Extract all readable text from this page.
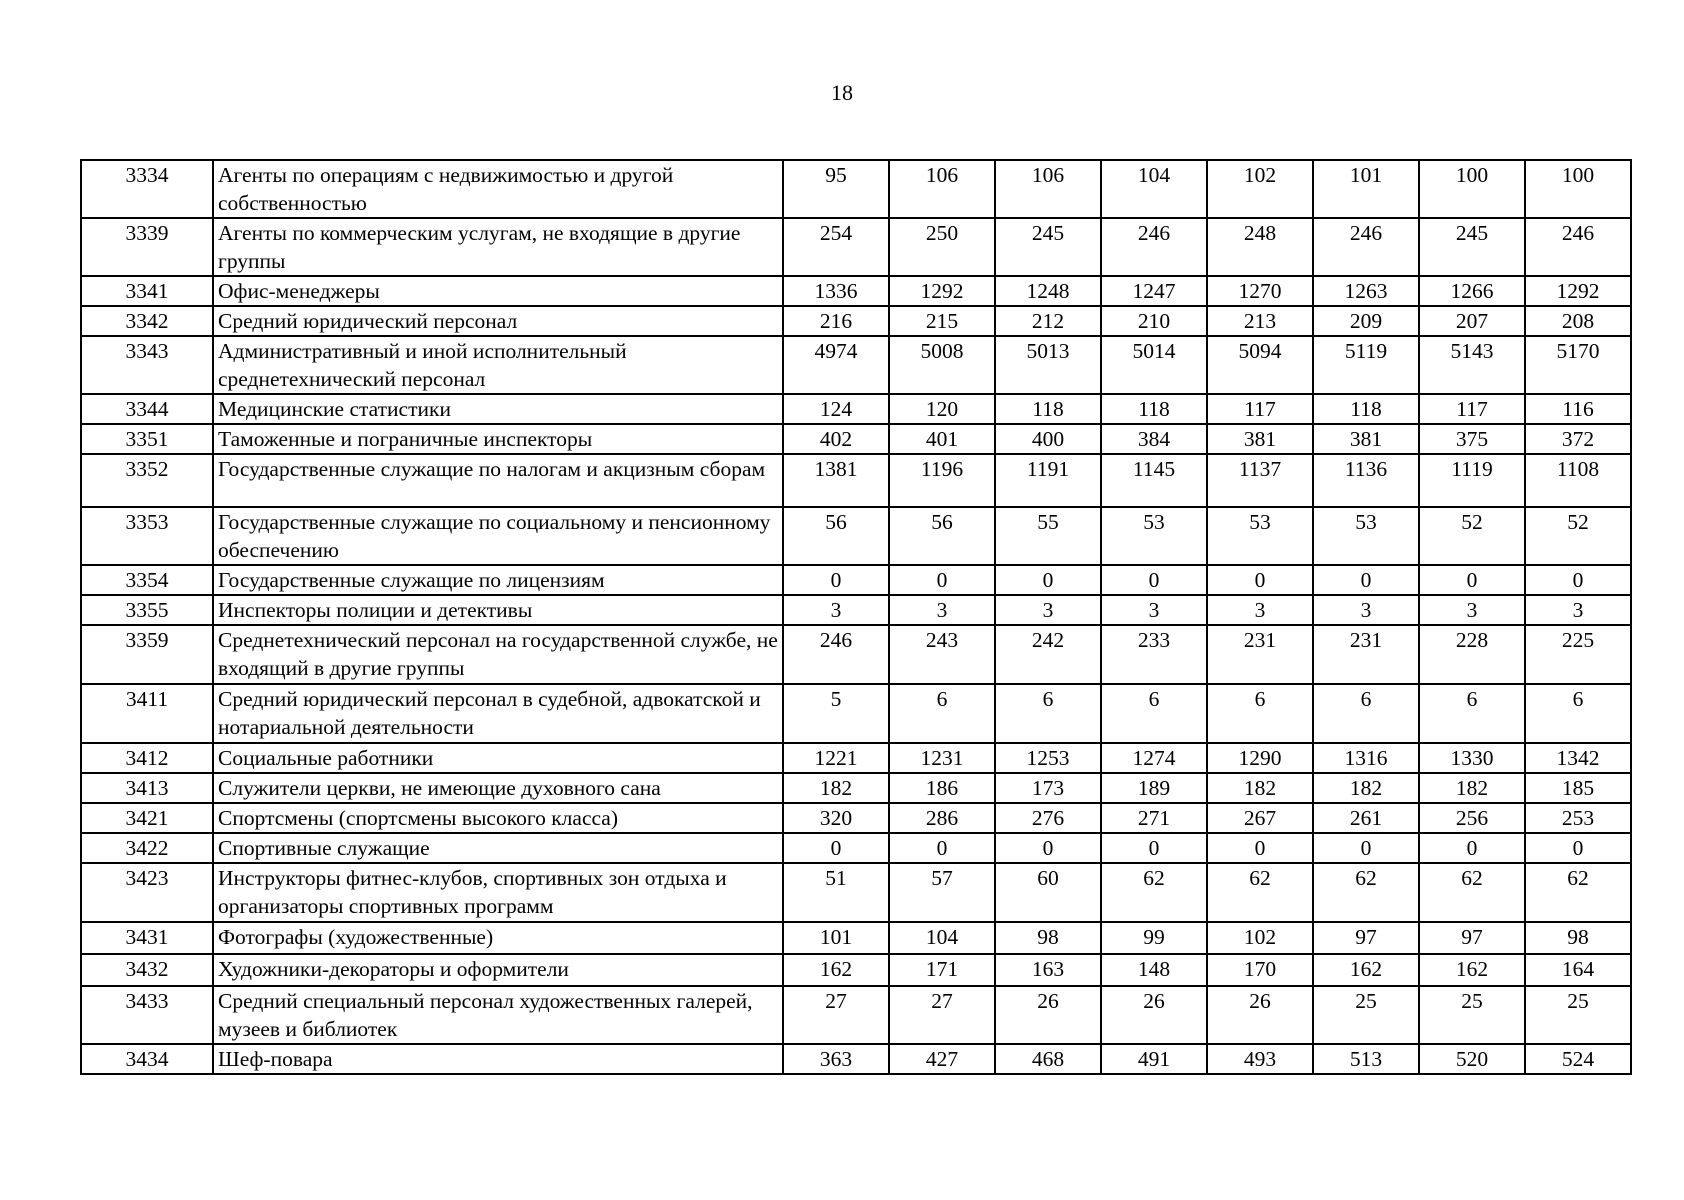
18
3334	Агенты по операциям с недвижимостью и другой собственностью	95	106	106	104	102	101	100	100
3339	Агенты по коммерческим услугам, не входящие в другие группы	254	250	245	246	248	246	245	246
3341	Офис-менеджеры	1336	1292	1248	1247	1270	1263	1266	1292
3342	Средний юридический персонал	216	215	212	210	213	209	207	208
3343	Административный и иной исполнительный среднетехнический персонал	4974	5008	5013	5014	5094	5119	5143	5170
3344	Медицинские статистики	124	120	118	118	117	118	117	116
3351	Таможенные и пограничные инспекторы	402	401	400	384	381	381	375	372
3352	Государственные служащие по налогам и акцизным сборам	1381	1196	1191	1145	1137	1136	1119	1108
3353	Государственные служащие по социальному и пенсионному обеспечению	56	56	55	53	53	53	52	52
3354	Государственные служащие по лицензиям	0	0	0	0	0	0	0	0
3355	Инспекторы полиции и детективы	3	3	3	3	3	3	3	3
3359	Среднетехнический персонал на государственной службе, не входящий в другие группы	246	243	242	233	231	231	228	225
3411	Средний юридический персонал в судебной, адвокатской и нотариальной деятельности	5	6	6	6	6	6	6	6
3412	Социальные работники	1221	1231	1253	1274	1290	1316	1330	1342
3413	Служители церкви, не имеющие духовного сана	182	186	173	189	182	182	182	185
3421	Спортсмены (спортсмены высокого класса)	320	286	276	271	267	261	256	253
3422	Спортивные служащие	0	0	0	0	0	0	0	0
3423	Инструкторы фитнес-клубов, спортивных зон отдыха и организаторы спортивных программ	51	57	60	62	62	62	62	62
3431	Фотографы (художественные)	101	104	98	99	102	97	97	98
3432	Художники-декораторы и оформители	162	171	163	148	170	162	162	164
3433	Средний специальный персонал художественных галерей, музеев и библиотек	27	27	26	26	26	25	25	25
3434	Шеф-повара	363	427	468	491	493	513	520	524
